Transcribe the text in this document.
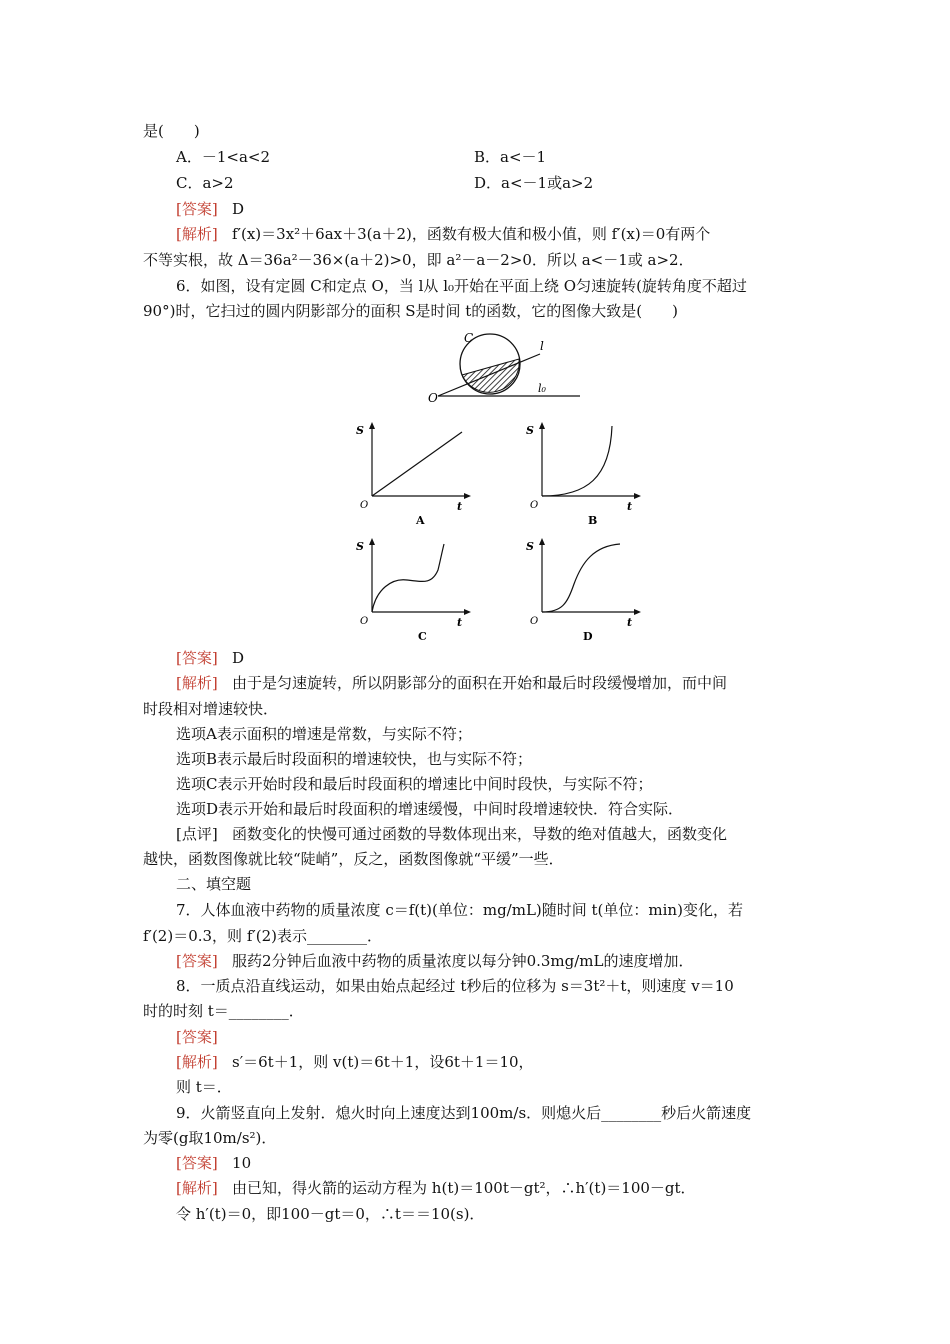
是(　　)
A．－1<a<2	B．a<－1
C．a>2	D．a<－1或a>2
[答案] D
[解析] f′(x)＝3x²＋6ax＋3(a＋2)，函数有极大值和极小值，则 f′(x)＝0有两个
不等实根，故 Δ＝36a²－36×(a＋2)>0，即 a²－a－2>0．所以 a<－1或 a>2．
6．如图，设有定圆 C和定点 O，当 l从 l₀开始在平面上绕 O匀速旋转(旋转角度不超过
90°)时，它扫过的圆内阴影部分的面积 S是时间 t的函数，它的图像大致是(　　)
C
l
O
l₀
S
t
O
A
S
t
O
B
S
t
O
C
S
t
O
D
[答案] D
[解析] 由于是匀速旋转，所以阴影部分的面积在开始和最后时段缓慢增加，而中间
时段相对增速较快．
选项A表示面积的增速是常数，与实际不符；
选项B表示最后时段面积的增速较快，也与实际不符；
选项C表示开始时段和最后时段面积的增速比中间时段快，与实际不符；
选项D表示开始和最后时段面积的增速缓慢，中间时段增速较快．符合实际．
[点评] 函数变化的快慢可通过函数的导数体现出来，导数的绝对值越大，函数变化
越快，函数图像就比较“陡峭”，反之，函数图像就“平缓”一些．
二、填空题
7．人体血液中药物的质量浓度 c＝f(t)(单位：mg/mL)随时间 t(单位：min)变化，若
f′(2)＝0.3，则 f′(2)表示________．
[答案] 服药2分钟后血液中药物的质量浓度以每分钟0.3mg/mL的速度增加．
8．一质点沿直线运动，如果由始点起经过 t秒后的位移为 s＝3t²＋t，则速度 v＝10
时的时刻 t＝________．
[答案]
[解析] s′＝6t＋1，则 v(t)＝6t＋1，设6t＋1＝10，
则 t＝．
9．火箭竖直向上发射．熄火时向上速度达到100m/s．则熄火后________秒后火箭速度
为零(g取10m/s²)．
[答案] 10
[解析] 由已知，得火箭的运动方程为 h(t)＝100t－gt²，∴h′(t)＝100－gt．
令 h′(t)＝0，即100－gt＝0，∴t＝＝10(s)．
